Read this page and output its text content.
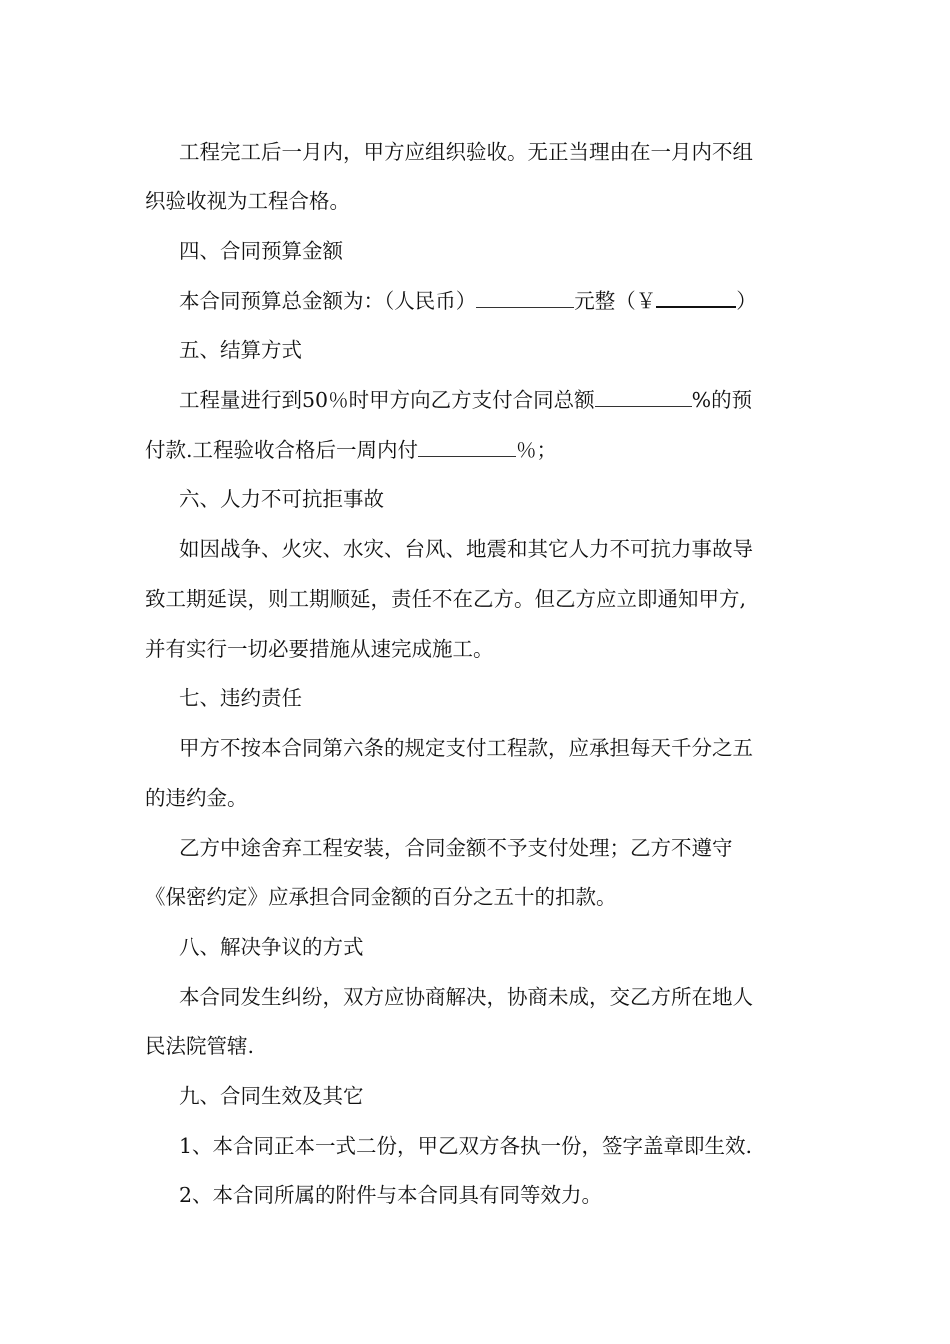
工程完工后一月内，甲方应组织验收。无正当理由在一月内不组
织验收视为工程合格。
四、合同预算金额
本合同预算总金额为：（人民币）	元整（￥	）
五、结算方式
工程量进行到50％时甲方向乙方支付合同总额	%的预
付款.工程验收合格后一周内付	％；
六、人力不可抗拒事故
如因战争、火灾、水灾、台风、地震和其它人力不可抗力事故导
致工期延误，则工期顺延，责任不在乙方。但乙方应立即通知甲方,
并有实行一切必要措施从速完成施工。
七、违约责任
甲方不按本合同第六条的规定支付工程款，应承担每天千分之五
的违约金。
乙方中途舍弃工程安装，合同金额不予支付处理；乙方不遵守
《保密约定》应承担合同金额的百分之五十的扣款。
八、解决争议的方式
本合同发生纠纷，双方应协商解决，协商未成，交乙方所在地人
民法院管辖.
九、合同生效及其它
1、本合同正本一式二份，甲乙双方各执一份，签字盖章即生效.
2、本合同所属的附件与本合同具有同等效力。
